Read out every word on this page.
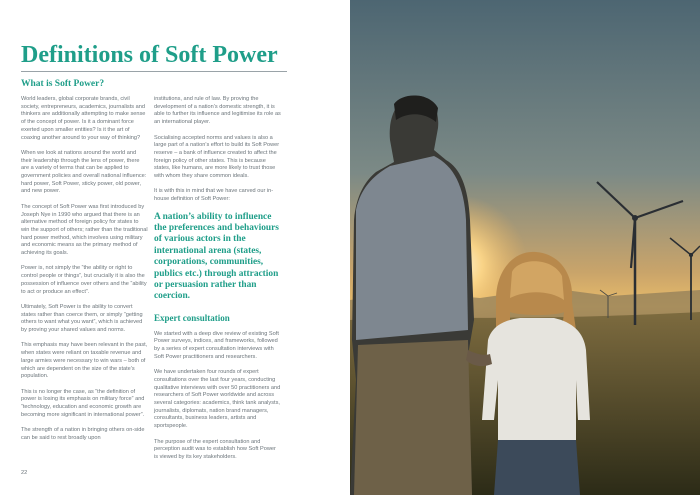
Definitions of Soft Power
What is Soft Power?

World leaders, global corporate brands, civil society, entrepreneurs, academics, journalists and thinkers are additionally attempting to make sense of the concept of power. Is it a dominant force exerted upon smaller entities? Is it the art of coaxing another around to your way of thinking?

When we look at nations around the world and their leadership through the lens of power, there are a variety of terms that can be applied to government policies and overall national influence: hard power, Soft Power, sticky power, old power, and new power.

The concept of Soft Power was first introduced by Joseph Nye in 1990 who argued that there is an alternative method of foreign policy for states to win the support of others; rather than the traditional hard power method, which involves using military and economic means as the primary method of achieving its goals.

Power is, not simply the “the ability or right to control people or things”, but crucially it is also the possession of influence over others and the “ability to act or produce an effect”.

Ultimately, Soft Power is the ability to convert states rather than coerce them, or simply “getting others to want what you want”, which is achieved by proving your shared values and norms.

This emphasis may have been relevant in the past, when states were reliant on taxable revenue and large armies were necessary to win wars – both of which are dependent on the size of the state’s population.

This is no longer the case, as “the definition of power is losing its emphasis on military force” and “technology, education and economic growth are becoming more significant in international power”.

The strength of a nation in bringing others on-side can be said to rest broadly upon

institutions, and rule of law. By proving the development of a nation’s domestic strength, it is able to further its influence and legitimise its role as an international player.

Socialising accepted norms and values is also a large part of a nation’s effort to build its Soft Power reserve – a bank of influence created to affect the foreign policy of other states. This is because states, like humans, are more likely to trust those with whom they share common ideals.

It is with this in mind that we have carved our in-house definition of Soft Power:

A nation’s ability to influence the preferences and behaviours of various actors in the international arena (states, corporations, communities, publics etc.) through attraction or persuasion rather than coercion.
Expert consultation

We started with a deep dive review of existing Soft Power surveys, indices, and frameworks, followed by a series of expert consultation interviews with Soft Power practitioners and researchers.

We have undertaken four rounds of expert consultations over the last four years, conducting qualitative interviews with over 50 practitioners and researchers of Soft Power worldwide and across several categories: academics, think tank analysts, journalists, diplomats, nation brand managers, consultants, business leaders, artists and sportspeople.

The purpose of the expert consultation and perception audit was to establish how Soft Power is viewed by its key stakeholders.

22
